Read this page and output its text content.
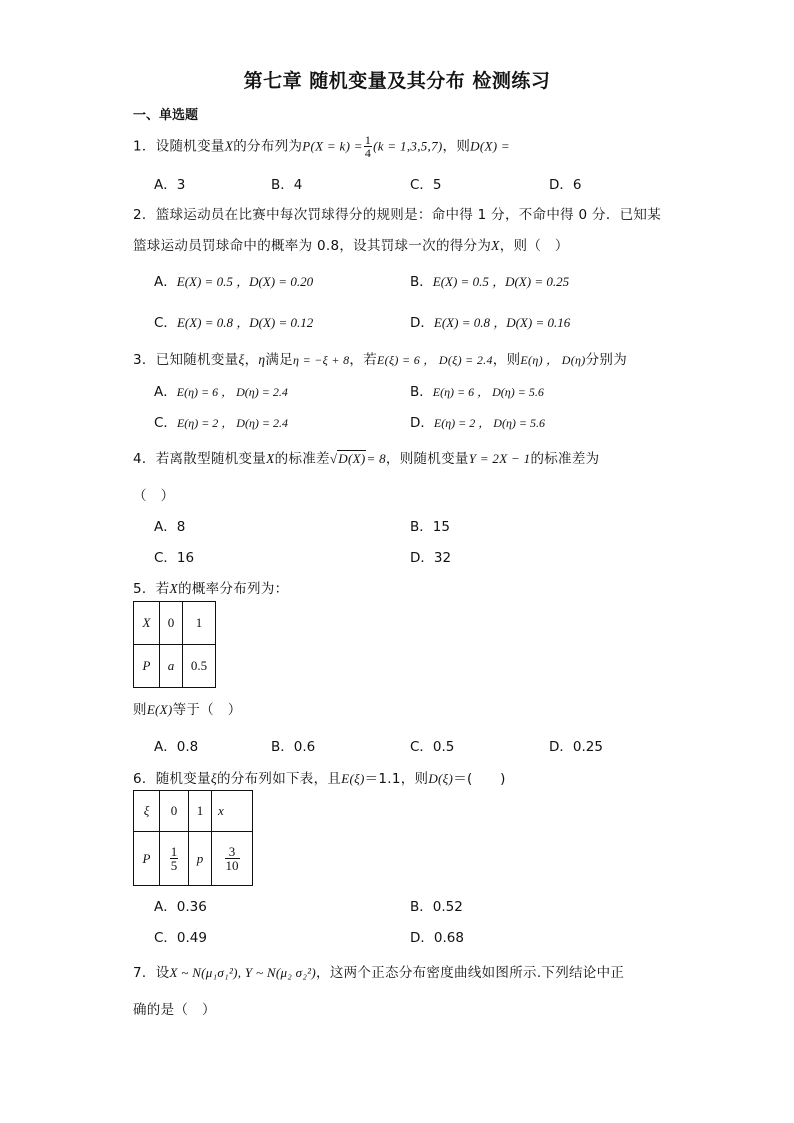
第七章 随机变量及其分布 检测练习
一、单选题
1．设随机变量X的分布列为$P(X = k) = \frac{1}{4} (k = 1,3,5,7)$，则D(X) =
A．3	B．4	C．5	D．6
2．篮球运动员在比赛中每次罚球得分的规则是：命中得 1 分，不命中得 0 分．已知某
篮球运动员罚球命中的概率为 0.8，设其罚球一次的得分为X，则（　）
A．E(X) = 0.5 ，D(X) = 0.20	B．E(X) = 0.5 ，D(X) = 0.25
C．E(X) = 0.8 ，D(X) = 0.12	D．E(X) = 0.8 ，D(X) = 0.16
3．已知随机变量ξ，η满足η = −ξ + 8，若E(ξ) = 6 ， D(ξ) = 2.4，则E(η) ， D(η)分别为
A．E(η) = 6 ， D(η) = 2.4	B．E(η) = 6 ， D(η) = 5.6
C．E(η) = 2 ， D(η) = 2.4	D．E(η) = 2 ， D(η) = 5.6
4．若离散型随机变量X的标准差√D(X)= 8，则随机变量Y = 2X − 1的标准差为
（　）
A．8	B．15
C．16	D．32
5．若X的概率分布列为：
X	0	1
P	a	0.5
则E(X)等于（　）
A．0.8	B．0.6	C．0.5	D．0.25
6．随机变量ξ的分布列如下表，且E(ξ)＝1.1，则D(ξ)＝(　　)
ξ	0	1	x
P	$\frac{1}{5}$	p	$\frac{3}{10}$
A．0.36	B．0.52
C．0.49	D．0.68
7．设X ~ N(μ₁σ₁²), Y ~ N(μ₂ σ₂²)，这两个正态分布密度曲线如图所示.下列结论中正
确的是（　）
